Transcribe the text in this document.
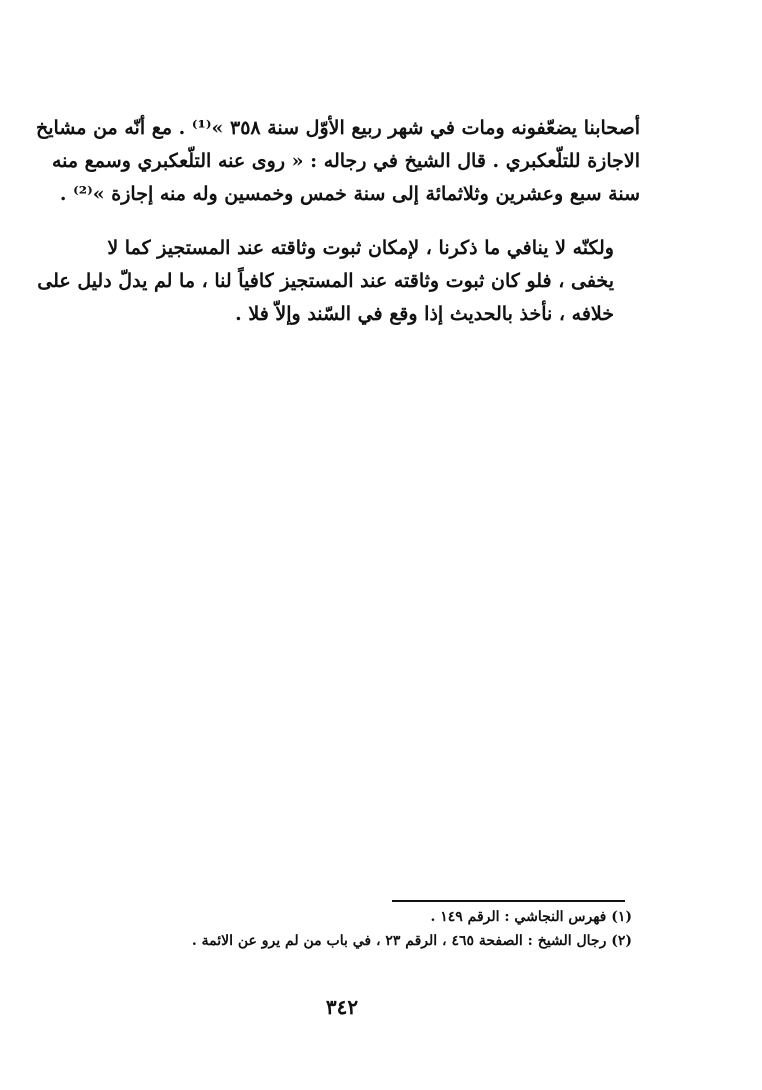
أصحابنا يضعّفونه ومات في شهر ربيع الأوّل سنة ٣٥٨ »⁽¹⁾ . مع أنّه من مشايخ
الاجازة للتلّعكبري . قال الشيخ في رجاله : « روى عنه التلّعكبري وسمع منه
سنة سبع وعشرين وثلاثمائة إلى سنة خمس وخمسين وله منه إجازة »⁽²⁾ .
ولكنّه لا ينافي ما ذكرنا ، لإمكان ثبوت وثاقته عند المستجيز كما لا
يخفى ، فلو كان ثبوت وثاقته عند المستجيز كافياً لنا ، ما لم يدلّ دليل على
خلافه ، نأخذ بالحديث إذا وقع في السّند وإلاّ فلا .
(١) فهرس النجاشي : الرقم ١٤٩ .
(٢) رجال الشيخ : الصفحة ٤٦٥ ، الرقم ٢٣ ، في باب من لم يرو عن الائمة .
٣٤٢
